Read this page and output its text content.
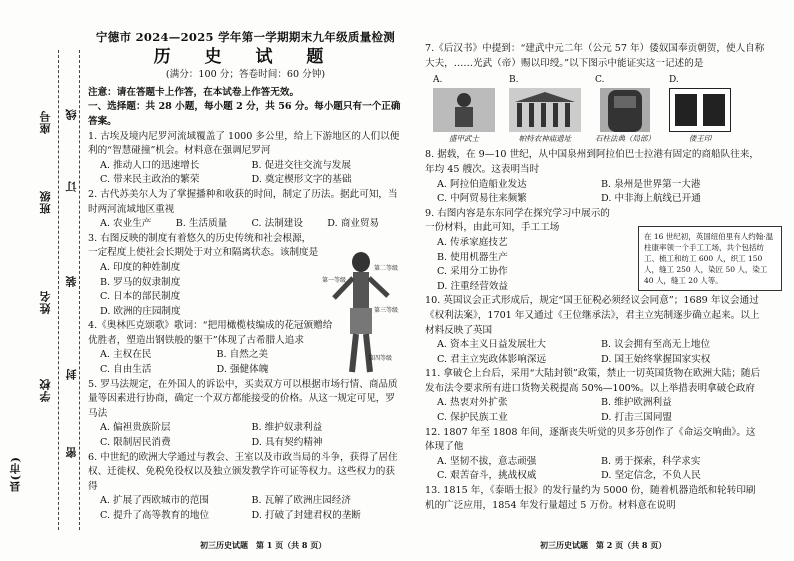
座号
班级
姓名
学校
县(市)
线
订
装
封
密
宁德市 2024—2025 学年第一学期期末九年级质量检测
历 史 试 题
(满分：100 分；答卷时间：60 分钟)
注意：请在答题卡上作答，在本试卷上作答无效。
一、选择题：共 28 小题，每小题 2 分，共 56 分。每小题只有一个正确答案。

1. 古埃及境内尼罗河流域覆盖了 1000 多公里，给上下游地区的人们以便利的“智慧碰撞”机会。材料意在强调尼罗河

A. 推动人口的迅速增长	B. 促进交往交流与发展
C. 带来民主政治的繁荣	D. 奠定楔形文字的基础

2. 古代苏美尔人为了掌握播种和收获的时间，制定了历法。据此可知，当时两河流域地区重视

A. 农业生产	B. 生活质量	C. 法制建设	D. 商业贸易

3. 右图反映的制度有着悠久的历史传统和社会根源，一定程度上使社会长期处于对立和隔离状态。该制度是

A. 印度的种姓制度
B. 罗马的奴隶制度
C. 日本的部民制度
D. 欧洲的庄园制度

4.《奥林匹克颂歌》歌词：“把用橄榄枝编成的花冠颁赠给优胜者，塑造出钢铁般的躯干”体现了古希腊人追求

A. 主权在民	B. 自然之美
C. 自由生活	D. 强健体魄

5. 罗马法规定，在外国人的诉讼中，买卖双方可以根据市场行情、商品质量等因素进行协商，确定一个双方都能接受的价格。从这一规定可见，罗马法

A. 偏袒贵族阶层	B. 维护奴隶利益
C. 限制居民消费	D. 具有契约精神

6. 中世纪的欧洲大学通过与教会、王室以及市政当局的斗争，获得了居住权、迁徙权、免税免役权以及独立颁发教学许可证等权力。这些权力的获得

A. 扩展了西欧城市的范围	B. 瓦解了欧洲庄园经济
C. 提升了高等教育的地位	D. 打破了封建君权的垄断
第二等级
第一等级
第三等级
第四等级

7.《后汉书》中提到：“建武中元二年（公元 57 年）倭奴国奉贡朝贺，使人自称大夫，……光武（帝）赐以印绶。”以下图示中能证实这一记述的是

A.
盛甲武士
B.
帕特农神庙遗址
C.
石柱法典（局部）
D.
倭王印

8. 据载，在 9—10 世纪，从中国泉州到阿拉伯巴士拉港有固定的商船队往来，年均 45 艘次。这表明当时

A. 阿拉伯造船业发达	B. 泉州是世界第一大港
C. 中阿贸易往来频繁	D. 中非海上航线已开通

9. 右图内容是东东同学在探究学习中展示的一份材料，由此可知，手工工场

A. 传承家庭技艺
B. 使用机器生产
C. 采用分工协作
D. 注重经营效益

10. 英国议会正式形成后，规定“国王征税必须经议会同意”；1689 年议会通过《权利法案》，1701 年又通过《王位继承法》，君主立宪制逐步确立起来。以上材料反映了英国

A. 资本主义日益发展壮大	B. 议会拥有至高无上地位
C. 君主立宪政体影响深远	D. 国王始终掌握国家实权

11. 拿破仑上台后，采用“大陆封锁”政策，禁止一切英国货物在欧洲大陆；随后发布法令要求所有进口货物关税提高 50%—100%。以上举措表明拿破仑政府

A. 热衷对外扩张	B. 维护欧洲利益
C. 保护民族工业	D. 打击三国同盟

12. 1807 年至 1808 年间，逐渐丧失听觉的贝多芬创作了《命运交响曲》。这体现了他

A. 坚韧不拔，意志顽强	B. 勇于探索，科学求实
C. 艰苦奋斗，挑战权威	D. 坚定信念，不负人民

13. 1815 年，《泰晤士报》的发行量约为 5000 份，随着机器造纸和轮转印刷机的广泛应用，1854 年发行量超过 5 万份。材料意在说明

在 16 世纪初，英国纽伯里有人约翰·温柱康率领一个手工工场，共个包括纺工、梳工和纺工 600 人，织工 150 人，缝工 250 人，染匠 50 人，染工 40 人，缝工 20 人等。
初三历史试题　第 1 页（共 8 页）	初三历史试题　第 2 页（共 8 页）
